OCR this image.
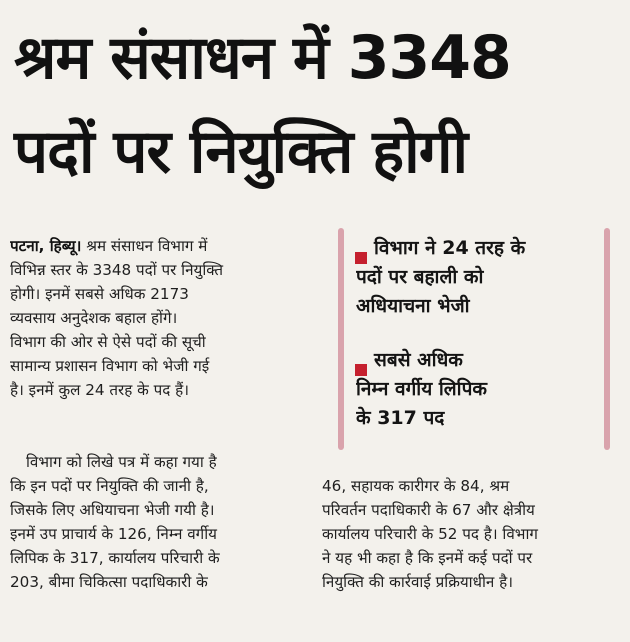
श्रम संसाधन में 3348
पदों पर नियुक्ति होगी
पटना, हिब्यू। श्रम संसाधन विभाग में
विभिन्न स्तर के 3348 पदों पर नियुक्ति
होगी। इनमें सबसे अधिक 2173
व्यवसाय अनुदेशक बहाल होंगे।
विभाग की ओर से ऐसे पदों की सूची
सामान्य प्रशासन विभाग को भेजी गई
है। इनमें कुल 24 तरह के पद हैं।
विभाग को लिखे पत्र में कहा गया है
कि इन पदों पर नियुक्ति की जानी है,
जिसके लिए अधियाचना भेजी गयी है।
इनमें उप प्राचार्य के 126, निम्न वर्गीय
लिपिक के 317, कार्यालय परिचारी के
203, बीमा चिकित्सा पदाधिकारी के
विभाग ने 24 तरह के
पदों पर बहाली को
अधियाचना भेजी
सबसे अधिक
निम्न वर्गीय लिपिक
के 317 पद
46, सहायक कारीगर के 84, श्रम
परिवर्तन पदाधिकारी के 67 और क्षेत्रीय
कार्यालय परिचारी के 52 पद है। विभाग
ने यह भी कहा है कि इनमें कई पदों पर
नियुक्ति की कार्रवाई प्रक्रियाधीन है।
